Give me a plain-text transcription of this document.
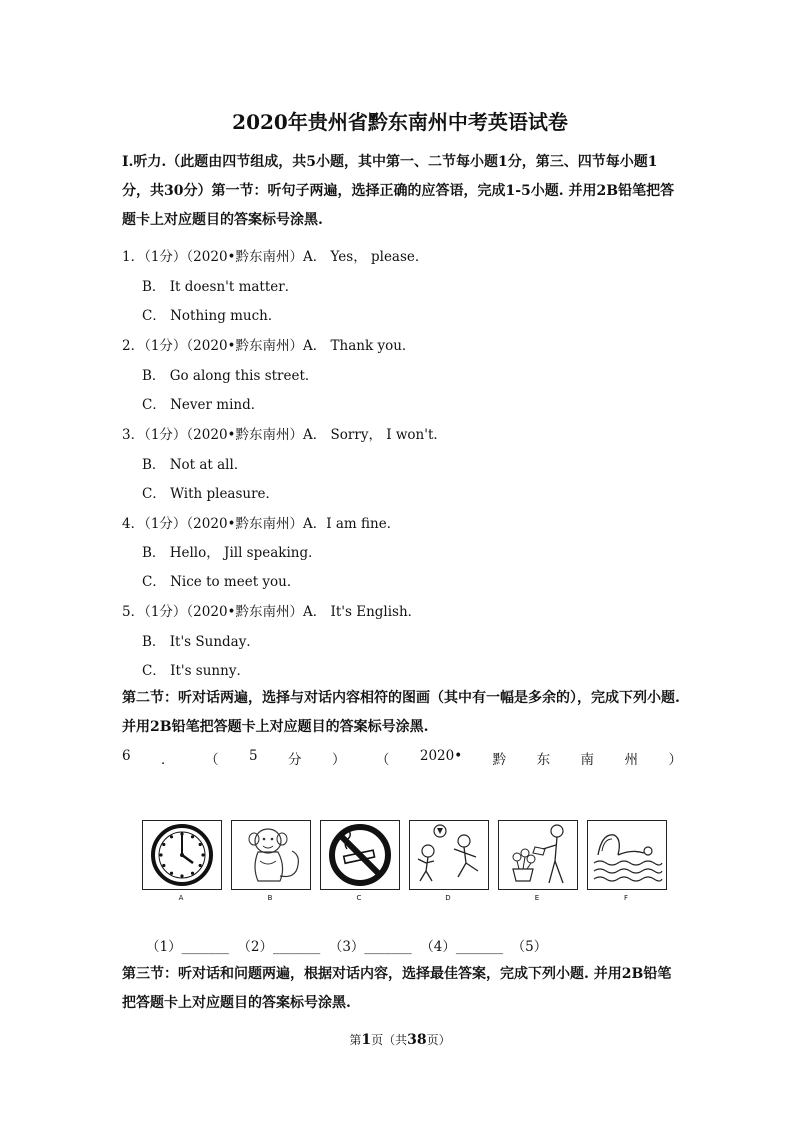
2020年贵州省黔东南州中考英语试卷
I.听力.（此题由四节组成，共5小题，其中第一、二节每小题1分，第三、四节每小题1分，共30分）第一节：听句子两遍，选择正确的应答语，完成1-5小题. 并用2B铅笔把答题卡上对应题目的答案标号涂黑.
1．（1分）（2020•黔东南州）A． Yes， please．
B． It doesn't matter．
C． Nothing much．
2．（1分）（2020•黔东南州）A． Thank you．
B． Go along this street．
C． Never mind．
3．（1分）（2020•黔东南州）A． Sorry， I won't．
B． Not at all．
C． With pleasure．
4．（1分）（2020•黔东南州）A．I am fine．
B． Hello， Jill speaking．
C． Nice to meet you．
5．（1分）（2020•黔东南州）A． It's English．
B． It's Sunday．
C． It's sunny．
第二节：听对话两遍，选择与对话内容相符的图画（其中有一幅是多余的），完成下列小题. 并用2B铅笔把答题卡上对应题目的答案标号涂黑.
6 ． （ 5 分 ） （ 2020• 黔 东 南 州 ）
A	B	C	D	E	F
（1）_______  （2）_______  （3）_______  （4）_______  （5）
第三节：听对话和问题两遍，根据对话内容，选择最佳答案，完成下列小题. 并用2B铅笔把答题卡上对应题目的答案标号涂黑.
第1页（共38页）
